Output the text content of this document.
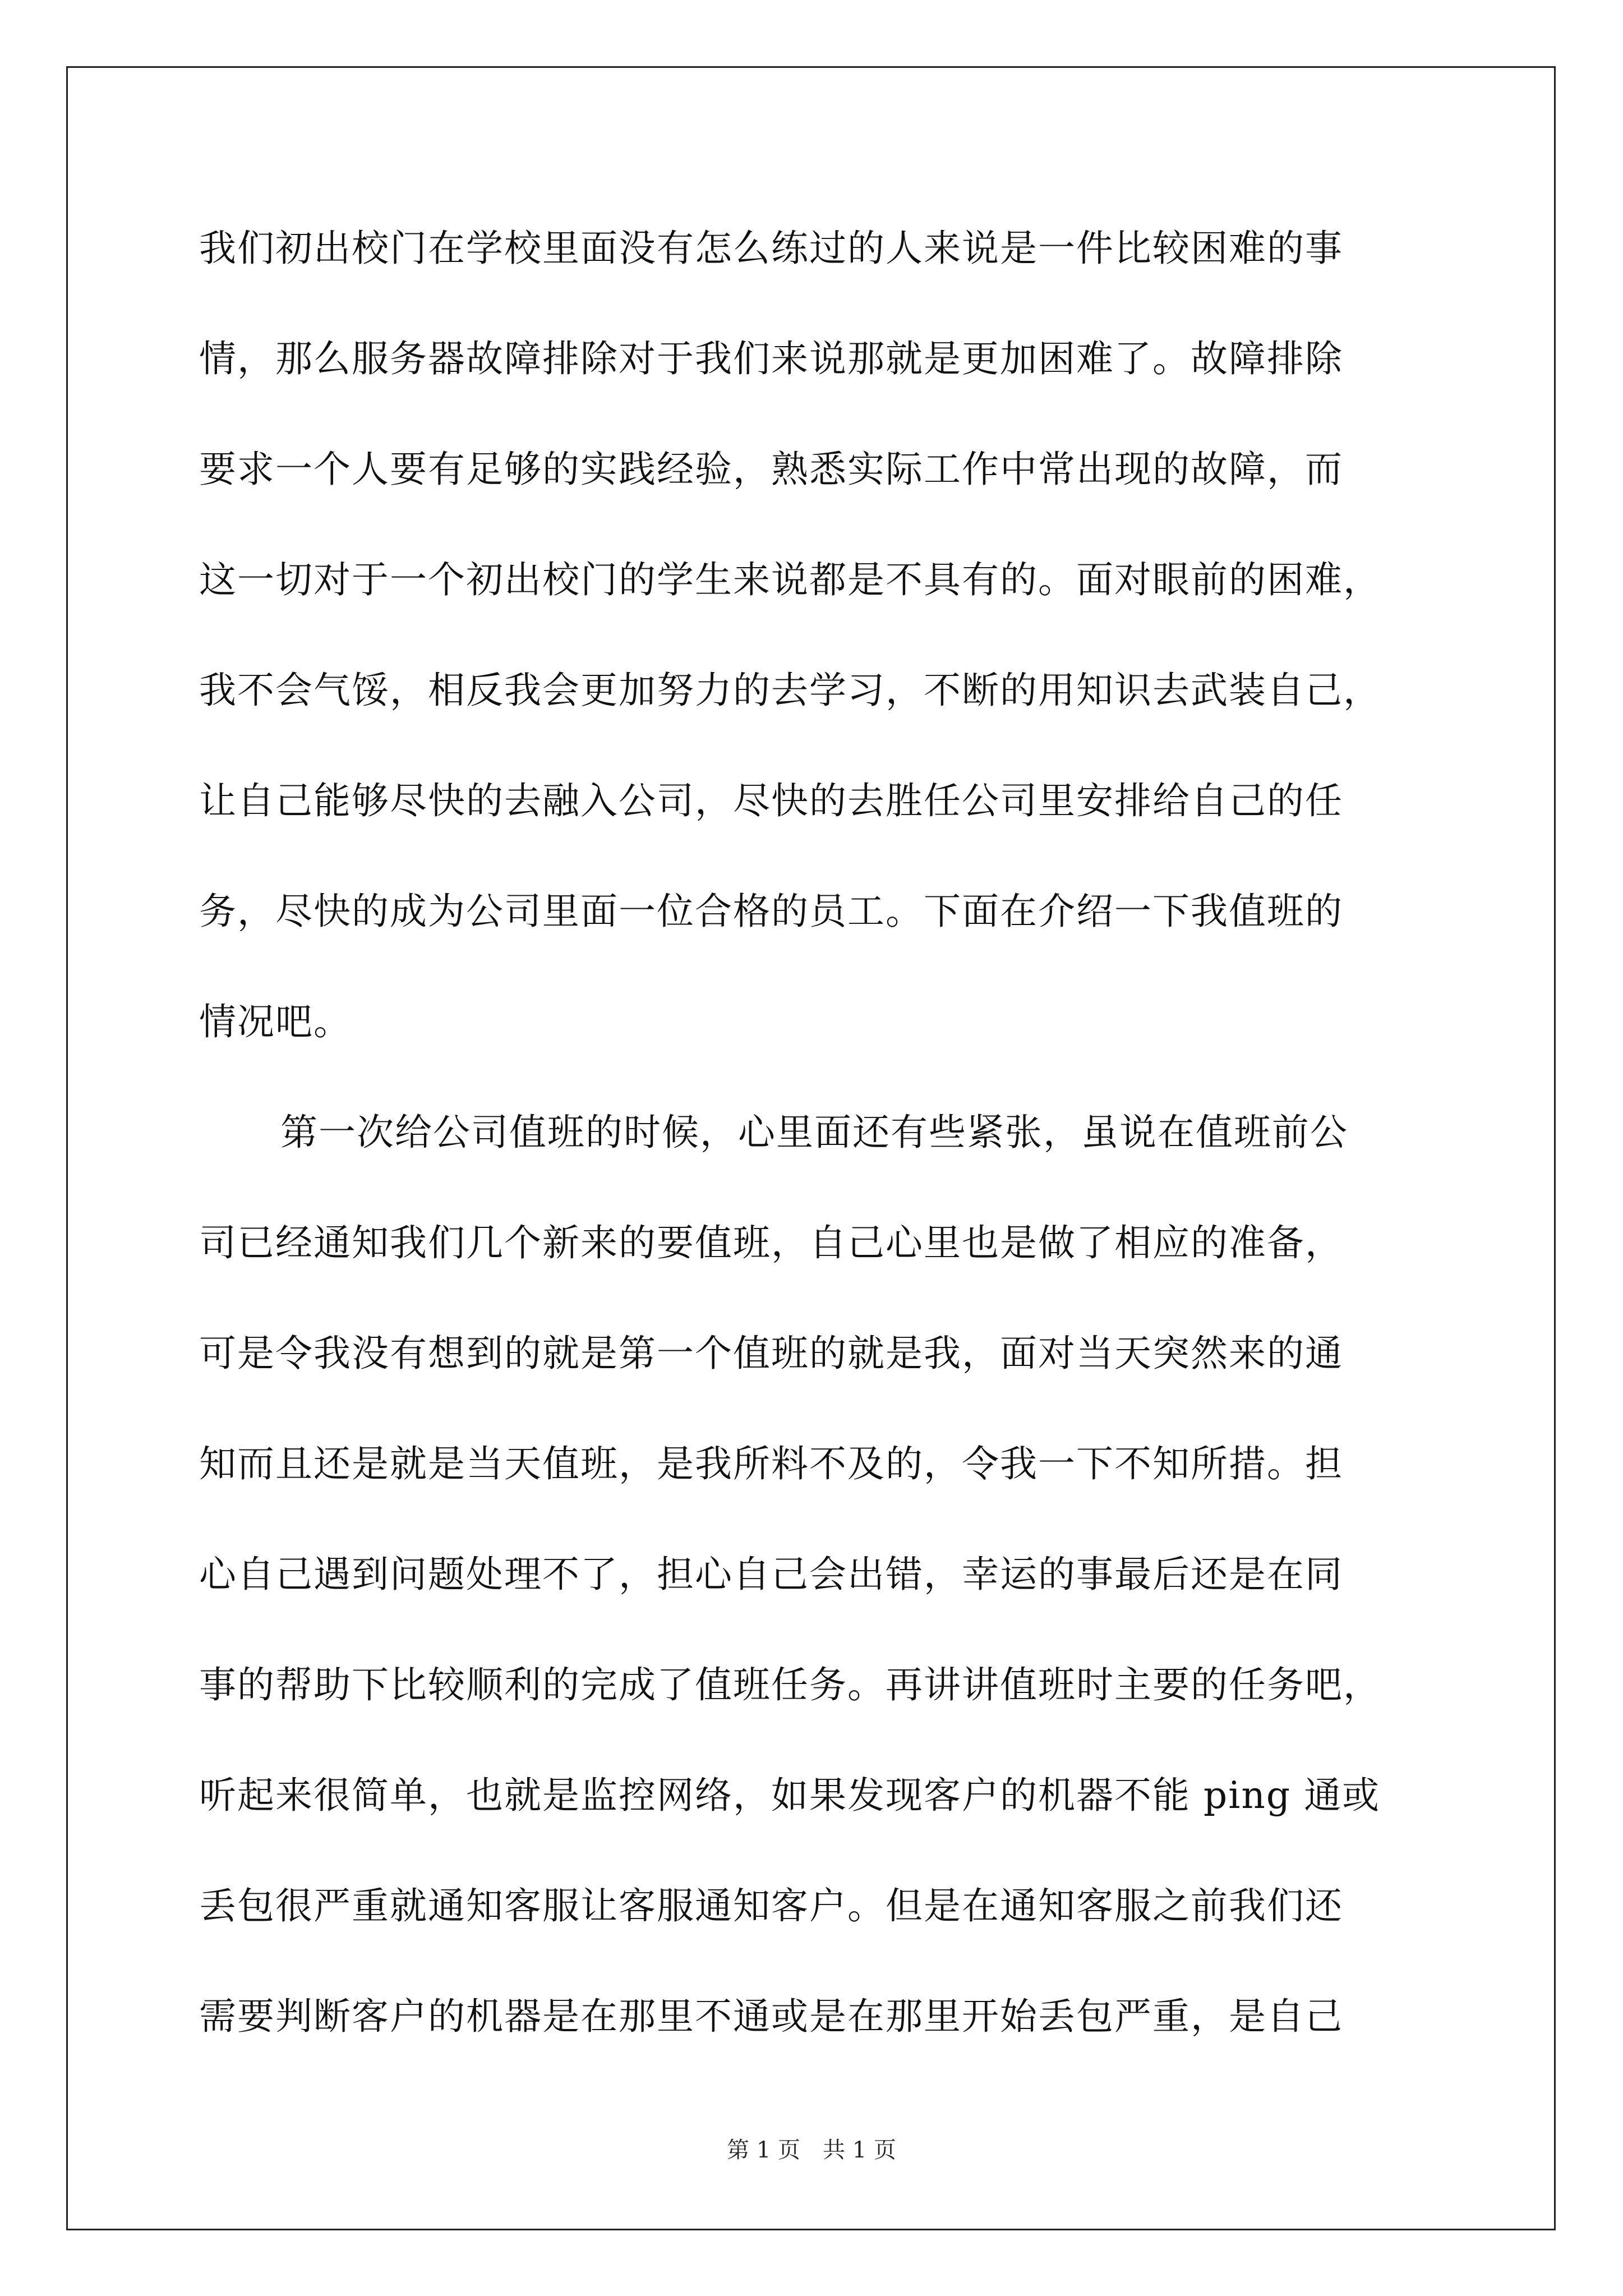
我们初出校门在学校里面没有怎么练过的人来说是一件比较困难的事
情，那么服务器故障排除对于我们来说那就是更加困难了。故障排除
要求一个人要有足够的实践经验，熟悉实际工作中常出现的故障，而
这一切对于一个初出校门的学生来说都是不具有的。面对眼前的困难，
我不会气馁，相反我会更加努力的去学习，不断的用知识去武装自己，
让自己能够尽快的去融入公司，尽快的去胜任公司里安排给自己的任
务，尽快的成为公司里面一位合格的员工。下面在介绍一下我值班的
情况吧。
第一次给公司值班的时候，心里面还有些紧张，虽说在值班前公
司已经通知我们几个新来的要值班，自己心里也是做了相应的准备，
可是令我没有想到的就是第一个值班的就是我，面对当天突然来的通
知而且还是就是当天值班，是我所料不及的，令我一下不知所措。担
心自己遇到问题处理不了，担心自己会出错，幸运的事最后还是在同
事的帮助下比较顺利的完成了值班任务。再讲讲值班时主要的任务吧，
听起来很简单，也就是监控网络，如果发现客户的机器不能 ping 通或
丢包很严重就通知客服让客服通知客户。但是在通知客服之前我们还
需要判断客户的机器是在那里不通或是在那里开始丢包严重，是自己
第 1 页　共 1 页
